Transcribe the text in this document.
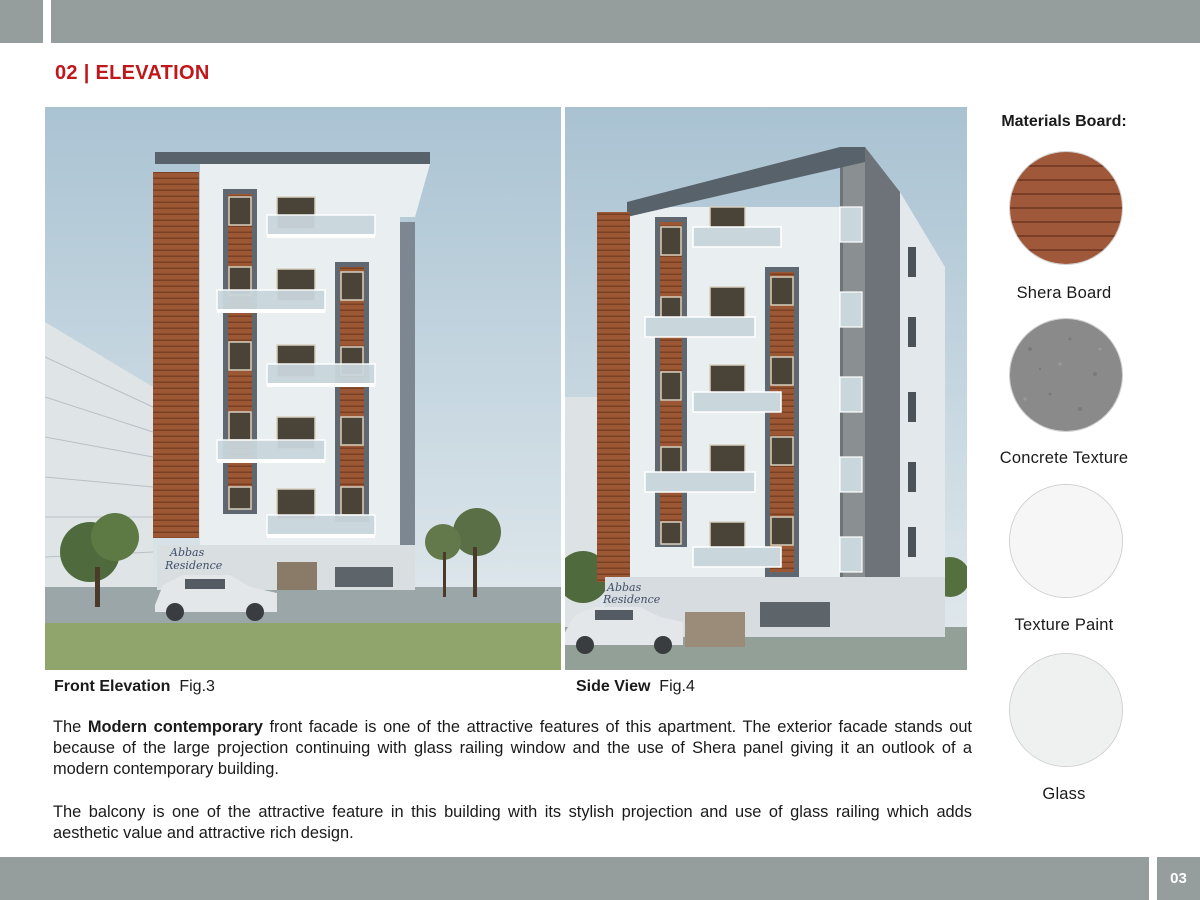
02 | ELEVATION
Abbas
Residence
Abbas
Residence
Front Elevation Fig.3	Side View Fig.4

The Modern contemporary front facade is one of the attractive features of this apartment. The exterior facade stands out because of the large projection continuing with glass railing window and the use of Shera panel giving it an outlook of a modern contemporary building.

The balcony is one of the attractive feature in this building with its stylish projection and use of glass railing which adds aesthetic value and attractive rich design.

Materials Board:
Shera Board
Concrete Texture
Texture Paint
Glass
03
